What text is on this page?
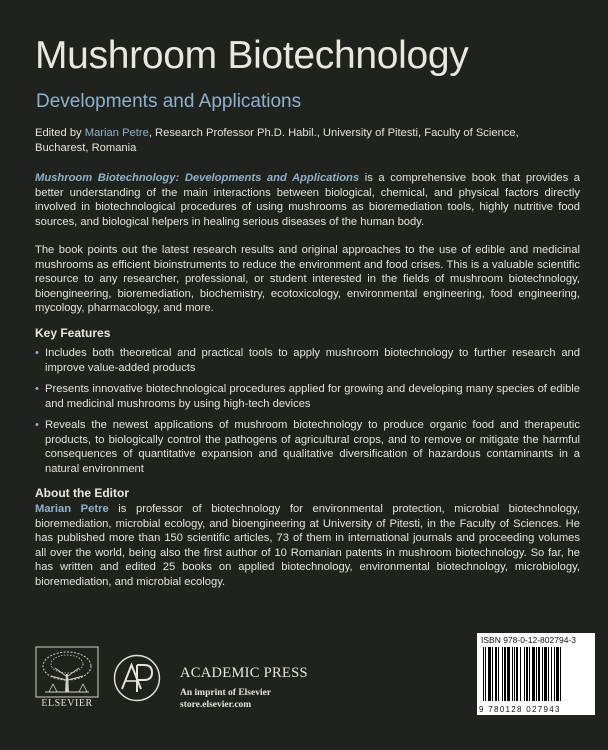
Mushroom Biotechnology
Developments and Applications
Edited by Marian Petre, Research Professor Ph.D. Habil., University of Pitesti, Faculty of Science, Bucharest, Romania

Mushroom Biotechnology: Developments and Applications is a comprehensive book that provides a better understanding of the main interactions between biological, chemical, and physical factors directly involved in biotechnological procedures of using mushrooms as bioremediation tools, highly nutritive food sources, and biological helpers in healing serious diseases of the human body.

The book points out the latest research results and original approaches to the use of edible and medicinal mushrooms as efficient bioinstruments to reduce the environment and food crises. This is a valuable scientific resource to any researcher, professional, or student interested in the fields of mushroom biotechnology, bioengineering, bioremediation, biochemistry, ecotoxicology, environmental engineering, food engineering, mycology, pharmacology, and more.

Key Features
• Includes both theoretical and practical tools to apply mushroom biotechnology to further research and improve value-added products
• Presents innovative biotechnological procedures applied for growing and developing many species of edible and medicinal mushrooms by using high-tech devices
• Reveals the newest applications of mushroom biotechnology to produce organic food and therapeutic products, to biologically control the pathogens of agricultural crops, and to remove or mitigate the harmful consequences of quantitative expansion and qualitative diversification of hazardous contaminants in a natural environment
About the Editor

Marian Petre is professor of biotechnology for environmental protection, microbial biotechnology, bioremediation, microbial ecology, and bioengineering at University of Pitesti, in the Faculty of Sciences. He has published more than 150 scientific articles, 73 of them in international journals and proceeding volumes all over the world, being also the first author of 10 Romanian patents in mushroom biotechnology. So far, he has written and edited 25 books on applied biotechnology, environmental biotechnology, microbiology, bioremediation, and microbial ecology.

ELSEVIER
ACADEMIC PRESS
An imprint of Elsevier
store.elsevier.com
ISBN 978-0-12-802794-3
9 780128 027943
